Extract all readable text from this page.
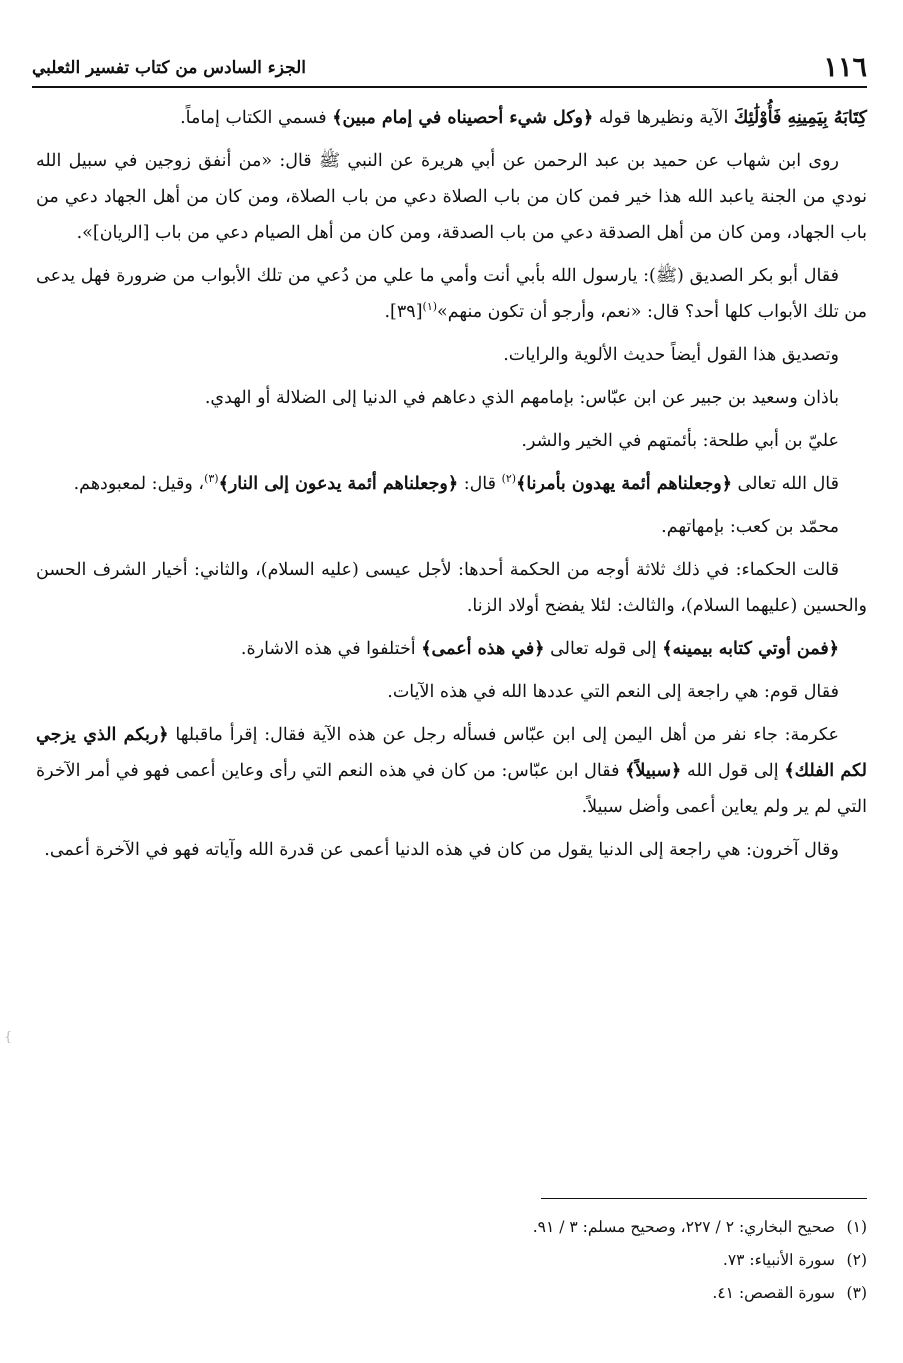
١١٦
الجزء السادس من كتاب تفسير الثعلبي

كِتَابَهُ بِيَمِينِهِ فَأُوْلَٰئِكَ الآية ونظيرها قوله ﴿وكل شيء أحصيناه في إمام مبين﴾ فسمي الكتاب إماماً.

روى ابن شهاب عن حميد بن عبد الرحمن عن أبي هريرة عن النبي ﷺ قال: «من أنفق زوجين في سبيل الله نودي من الجنة ياعبد الله هذا خير فمن كان من باب الصلاة دعي من باب الصلاة، ومن كان من أهل الجهاد دعي من باب الجهاد، ومن كان من أهل الصدقة دعي من باب الصدقة، ومن كان من أهل الصيام دعي من باب [الريان]».

فقال أبو بكر الصديق (ﷺ): يارسول الله بأبي أنت وأمي ما علي من دُعي من تلك الأبواب من ضرورة فهل يدعى من تلك الأبواب كلها أحد؟ قال: «نعم، وأرجو أن تكون منهم»$^{(١)}$[٣٩].

وتصديق هذا القول أيضاً حديث الألوية والرايات.

باذان وسعيد بن جبير عن ابن عبّاس: بإمامهم الذي دعاهم في الدنيا إلى الضلالة أو الهدي.

عليّ بن أبي طلحة: بأئمتهم في الخير والشر.

قال الله تعالى ﴿وجعلناهم أئمة يهدون بأمرنا﴾$^{(٢)}$ قال: ﴿وجعلناهم أئمة يدعون إلى النار﴾$^{(٣)}$، وقيل: لمعبودهم.

محمّد بن كعب: بإمهاتهم.

قالت الحكماء: في ذلك ثلاثة أوجه من الحكمة أحدها: لأجل عيسى (عليه السلام)، والثاني: أخيار الشرف الحسن والحسين (عليهما السلام)، والثالث: لئلا يفضح أولاد الزنا.

﴿فمن أوتي كتابه بيمينه﴾ إلى قوله تعالى ﴿في هذه أعمى﴾ أختلفوا في هذه الاشارة.

فقال قوم: هي راجعة إلى النعم التي عددها الله في هذه الآيات.

عكرمة: جاء نفر من أهل اليمن إلى ابن عبّاس فسأله رجل عن هذه الآية فقال: إقرأ ماقبلها ﴿ربكم الذي يزجي لكم الفلك﴾ إلى قول الله ﴿سبيلاً﴾ فقال ابن عبّاس: من كان في هذه النعم التي رأى وعاين أعمى فهو في أمر الآخرة التي لم ير ولم يعاين أعمى وأضل سبيلاً.

وقال آخرون: هي راجعة إلى الدنيا يقول من كان في هذه الدنيا أعمى عن قدرة الله وآياته فهو في الآخرة أعمى.

(١)صحيح البخاري: ٢ / ٢٢٧، وصحيح مسلم: ٣ / ٩١.
(٢)سورة الأنبياء: ٧٣.
(٣)سورة القصص: ٤١.
{
